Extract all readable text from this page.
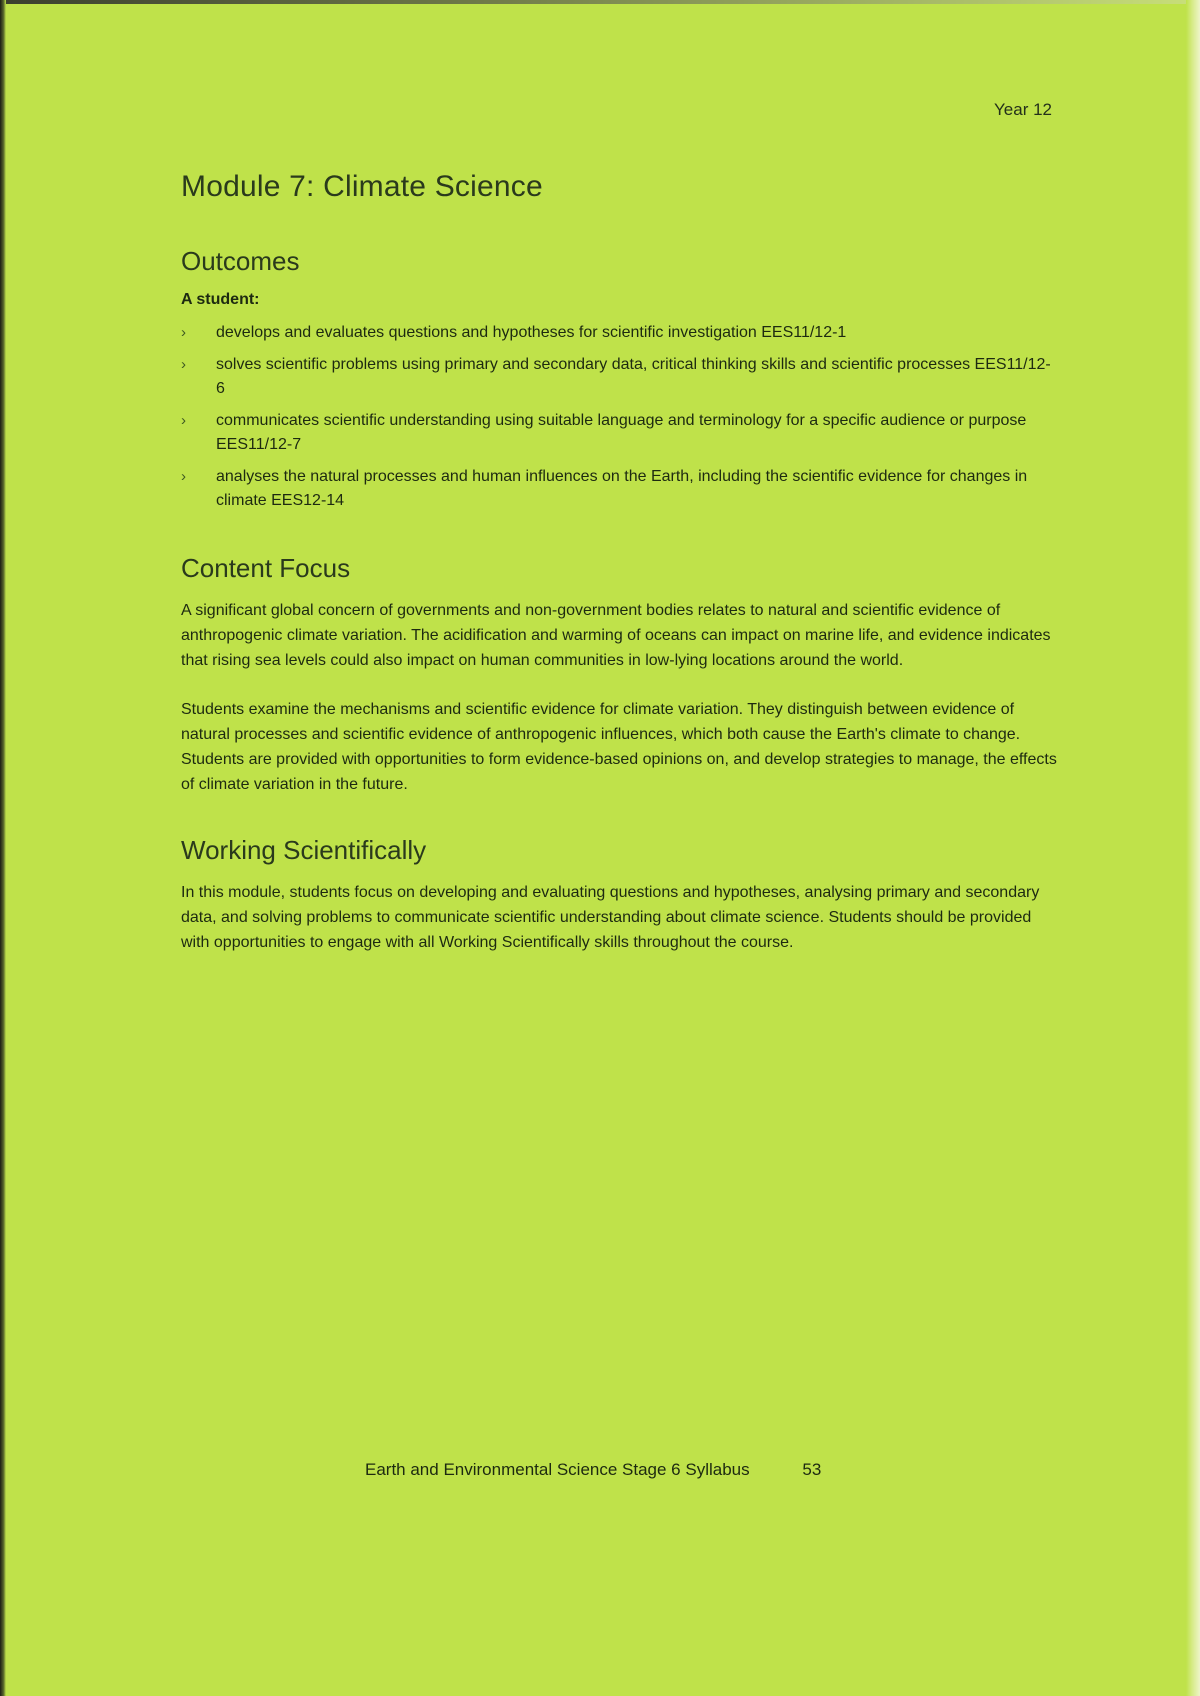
Year 12
Module 7: Climate Science
Outcomes
A student:
› develops and evaluates questions and hypotheses for scientific investigation EES11/12-1
› solves scientific problems using primary and secondary data, critical thinking skills and scientific processes EES11/12-6
› communicates scientific understanding using suitable language and terminology for a specific audience or purpose EES11/12-7
› analyses the natural processes and human influences on the Earth, including the scientific evidence for changes in climate EES12-14
Content Focus

A significant global concern of governments and non-government bodies relates to natural and scientific evidence of anthropogenic climate variation. The acidification and warming of oceans can impact on marine life, and evidence indicates that rising sea levels could also impact on human communities in low-lying locations around the world.

Students examine the mechanisms and scientific evidence for climate variation. They distinguish between evidence of natural processes and scientific evidence of anthropogenic influences, which both cause the Earth's climate to change. Students are provided with opportunities to form evidence-based opinions on, and develop strategies to manage, the effects of climate variation in the future.

Working Scientifically

In this module, students focus on developing and evaluating questions and hypotheses, analysing primary and secondary data, and solving problems to communicate scientific understanding about climate science. Students should be provided with opportunities to engage with all Working Scientifically skills throughout the course.

Earth and Environmental Science Stage 6 Syllabus	53
